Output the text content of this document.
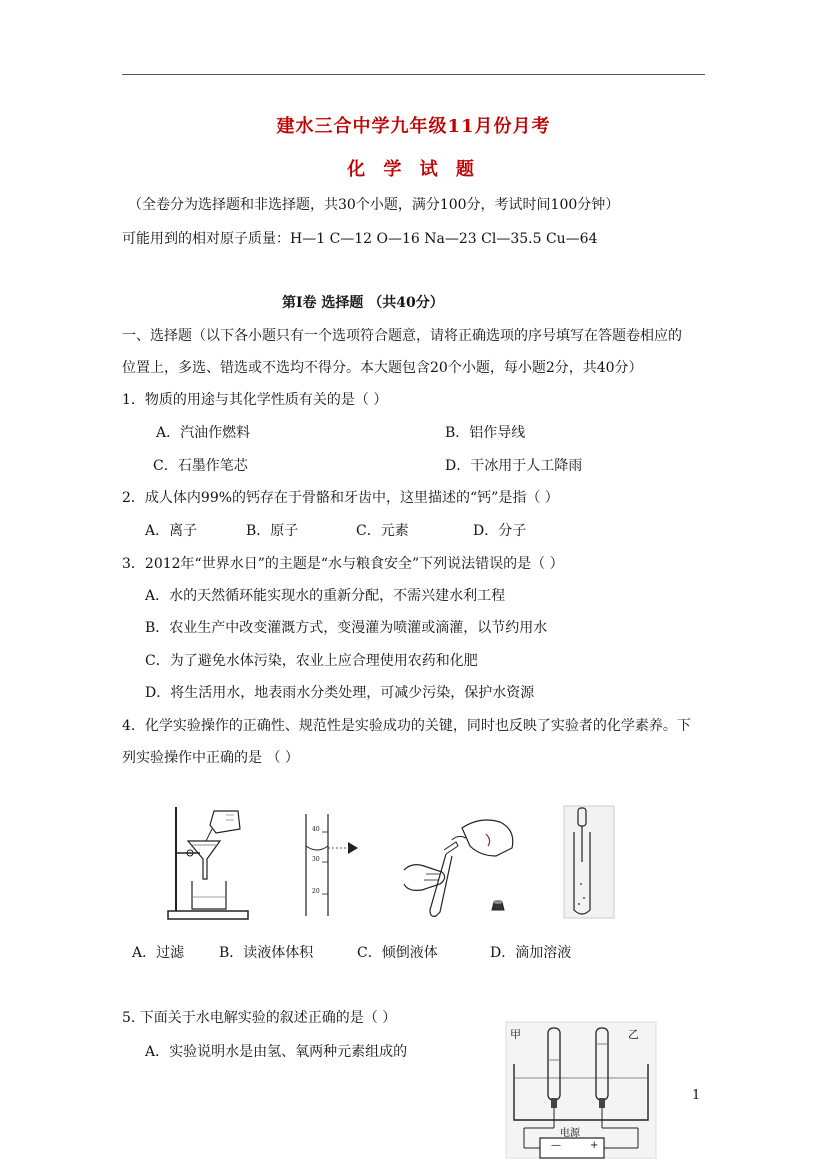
建水三合中学九年级11月份月考
化 学 试 题
（全卷分为选择题和非选择题，共30个小题，满分100分，考试时间100分钟）
可能用到的相对原子质量：H—1 C—12 O—16 Na—23 Cl—35.5 Cu—64
第Ⅰ卷 选择题 （共40分）
一、选择题（以下各小题只有一个选项符合题意，请将正确选项的序号填写在答题卷相应的
位置上，多选、错选或不选均不得分。本大题包含20个小题，每小题2分，共40分）
1．物质的用途与其化学性质有关的是（ ）
A．汽油作燃料	B．铝作导线
C．石墨作笔芯	D．干冰用于人工降雨
2．成人体内99%的钙存在于骨骼和牙齿中，这里描述的“钙”是指（ ）
A．离子	B．原子	C．元素	D．分子
3．2012年“世界水日”的主题是“水与粮食安全”下列说法错误的是（ ）
A．水的天然循环能实现水的重新分配，不需兴建水利工程
B．农业生产中改变灌溉方式，变漫灌为喷灌或滴灌，以节约用水
C．为了避免水体污染，农业上应合理使用农药和化肥
D．将生活用水，地表雨水分类处理，可减少污染，保护水资源
4．化学实验操作的正确性、规范性是实验成功的关键，同时也反映了实验者的化学素养。下
列实验操作中正确的是 （ ）
40
30
20
A．过滤 B．读液体体积	C．倾倒液体	D．滴加溶液
5. 下面关于水电解实验的叙述正确的是（ ）
A．实验说明水是由氢、氧两种元素组成的
甲	乙
电源
—	+
1
